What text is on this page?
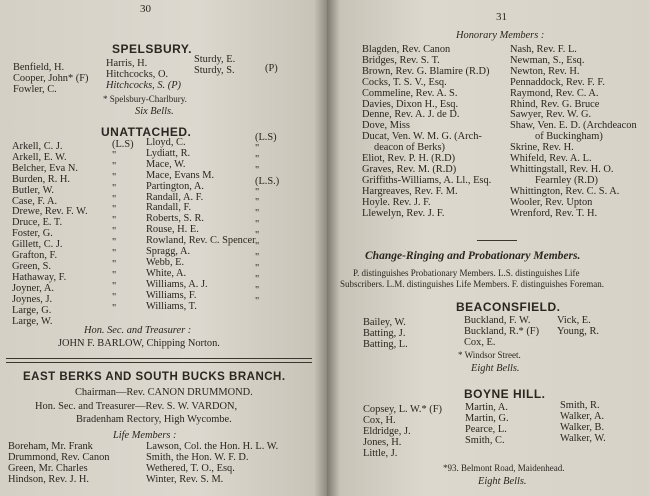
30
SPELSBURY.
Benfield, H.
Cooper, John* (F)
Fowler, C.
Harris, H.
Hitchcocks, O.
Hitchcocks, S. (P)
Sturdy, E.
Sturdy, S.	(P)
* Spelsbury-Charlbury.
Six Bells.
UNATTACHED.
Arkell, C. J.
Arkell, E. W.
Belcher, Eva N.
Burden, R. H.
Butler, W.
Case, F. A.
Drewe, Rev. F. W.
Druce, E. T.
Foster, G.
Gillett, C. J.
Grafton, F.
Green, S.
Hathaway, F.
Joyner, A.
Joynes, J.
Large, G.
Large, W.
(L.S)
"
"
"
"
"
"
"
"
"
"
"
"
"
"
"
Lloyd, C.
Lydiatt, R.
Mace, W.
Mace, Evans M.
Partington, A.
Randall, A. F.
Randall, F.
Roberts, S. R.
Rouse, H. E.
Rowland, Rev. C. Spencer
Spragg, A.
Webb, E.
White, A.
Williams, A. J.
Williams, F.
Williams, T.
(L.S)
"
"
"
(L.S.)
"
"
"
"
"
"
"
"
"
"
"
Hon. Sec. and Treasurer :
JOHN F. BARLOW, Chipping Norton.
EAST BERKS AND SOUTH BUCKS BRANCH.
Chairman—Rev. CANON DRUMMOND.
Hon. Sec. and Treasurer—Rev. S. W. VARDON,
Bradenham Rectory, High Wycombe.
Life Members :
Boreham, Mr. Frank
Drummond, Rev. Canon
Green, Mr. Charles
Hindson, Rev. J. H.
Lawson, Col. the Hon. H. L. W.
Smith, the Hon. W. F. D.
Wethered, T. O., Esq.
Winter, Rev. S. M.
31
Honorary Members :
Blagden, Rev. Canon
Bridges, Rev. S. T.
Brown, Rev. G. Blamire (R.D)
Cocks, T. S. V., Esq.
Commeline, Rev. A. S.
Davies, Dixon H., Esq.
Denne, Rev. A. J. de D.
Dove, Miss
Ducat, Ven. W. M. G. (Arch-
deacon of Berks)
Eliot, Rev. P. H. (R.D)
Graves, Rev. M. (R.D)
Griffiths-Williams, A. Ll., Esq.
Hargreaves, Rev. F. M.
Hoyle. Rev. J. F.
Llewelyn, Rev. J. F.
Nash, Rev. F. L.
Newman, S., Esq.
Newton, Rev. H.
Pennaddock, Rev. F. F.
Raymond, Rev. C. A.
Rhind, Rev. G. Bruce
Sawyer, Rev. W. G.
Shaw, Ven. E. D. (Archdeacon
of Buckingham)
Skrine, Rev. H.
Whifeld, Rev. A. L.
Whittingstall, Rev. H. O.
Fearnley (R.D)
Whittington, Rev. C. S. A.
Wooler, Rev. Upton
Wrenford, Rev. T. H.
Change-Ringing and Probationary Members.
P. distinguishes Probationary Members. L.S. distinguishes Life
Subscribers. L.M. distinguishes Life Members. F. distinguishes Foreman.
BEACONSFIELD.
Bailey, W.
Batting, J.
Batting, L.
Buckland, F. W.
Buckland, R.* (F)
Cox, E.
Vick, E.
Young, R.
* Windsor Street.
Eight Bells.
BOYNE HILL.
Copsey, L. W.* (F)
Cox, H.
Eldridge, J.
Jones, H.
Little, J.
Martin, A.
Martin, G.
Pearce, L.
Smith, C.
Smith, R.
Walker, A.
Walker, B.
Walker, W.
*93. Belmont Road, Maidenhead.
Eight Bells.
